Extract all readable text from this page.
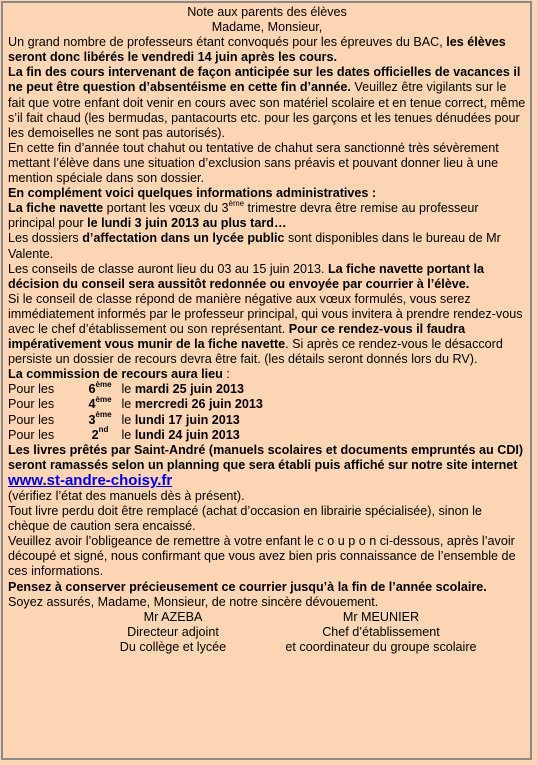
Note aux parents des élèves

Madame, Monsieur,

Un grand nombre de professeurs étant convoqués pour les épreuves du BAC, les élèves seront donc libérés le vendredi 14 juin après les cours.

La fin des cours intervenant de façon anticipée sur les dates officielles de vacances il ne peut être question d’absentéisme en cette fin d’année. Veuillez être vigilants sur le fait que votre enfant doit venir en cours avec son matériel scolaire et en tenue correct, même s’il fait chaud (les bermudas, pantacourts etc. pour les garçons et les tenues dénudées pour les demoiselles ne sont pas autorisés).

En cette fin d’année tout chahut ou tentative de chahut sera sanctionné très sévèrement mettant l’élève dans une situation d’exclusion sans préavis et pouvant donner lieu à une mention spéciale dans son dossier.

En complément voici quelques informations administratives :

La fiche navette portant les vœux du 3ème trimestre devra être remise au professeur principal pour le lundi 3 juin 2013 au plus tard…

Les dossiers d’affectation dans un lycée public sont disponibles dans le bureau de Mr Valente.

Les conseils de classe auront lieu du 03 au 15 juin 2013. La fiche navette portant la décision du conseil sera aussitôt redonnée ou envoyée par courrier à l’élève.

Si le conseil de classe répond de manière négative aux vœux formulés, vous serez immédiatement informés par le professeur principal, qui vous invitera à prendre rendez-vous avec le chef d’établissement ou son représentant. Pour ce rendez-vous il faudra impérativement vous munir de la fiche navette. Si après ce rendez-vous le désaccord persiste un dossier de recours devra être fait. (les détails seront donnés lors du RV).

La commission de recours aura lieu :

Pour les	6ème le mardi 25 juin 2013

Pour les	4ème le mercredi 26 juin 2013

Pour les	3ème le lundi 17 juin 2013

Pour les	2nd le lundi 24 juin 2013

Les livres prêtés par Saint-André (manuels scolaires et documents empruntés au CDI) seront ramassés selon un planning que sera établi puis affiché sur notre site internet www.st-andre-choisy.fr

(vérifiez l’état des manuels dès à présent).

Tout livre perdu doit être remplacé (achat d’occasion en librairie spécialisée), sinon le chèque de caution sera encaissé.

Veuillez avoir l’obligeance de remettre à votre enfant le c o u p o n ci-dessous, après l’avoir découpé et signé, nous confirmant que vous avez bien pris connaissance de l’ensemble de ces informations.

Pensez à conserver précieusement ce courrier jusqu’à la fin de l’année scolaire.

Soyez assurés, Madame, Monsieur, de notre sincère dévouement.

Mr AZEBA
Directeur adjoint
Du collège et lycée
Mr MEUNIER
Chef d’établissement
et coordinateur du groupe scolaire
